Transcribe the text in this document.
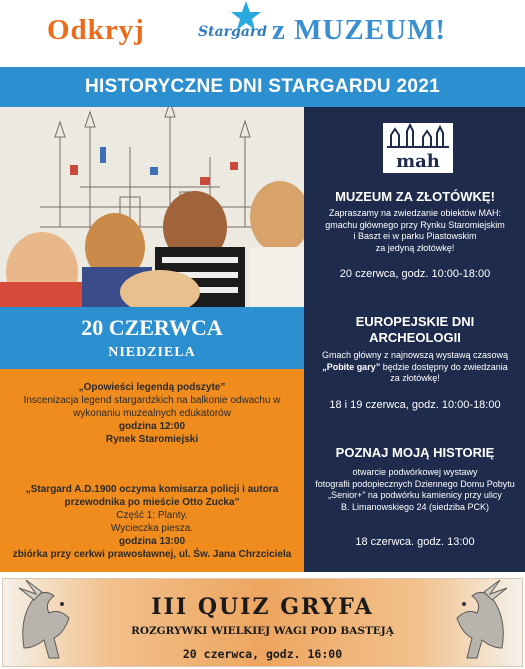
Odkryj	Stargard z MUZEUM!
HISTORYCZNE DNI STARGARDU 2021
20 CZERWCA
NIEDZIELA
„Opowieści legendą podszyte”
Inscenizacja legend stargardzkich na balkonie odwachu w
wykonaniu muzealnych edukatorów
godzina 12:00
Rynek Staromiejski
„Stargard A.D.1900 oczyma komisarza policji i autora
przewodnika po mieście Otto Zucka”
Część 1: Planty.
Wycieczka piesza.
godzina 13:00
zbiórka przy cerkwi prawosławnej, ul. Św. Jana Chrzciciela
mah
MUZEUM ZA ZŁOTÓWKĘ!
Zapraszamy na zwiedzanie obiektów MAH:
gmachu głównego przy Rynku Staromiejskim
i Baszt ei w parku Piastowskim
za jedyną złotówkę!
20 czerwca, godz. 10:00-18:00
EUROPEJSKIE DNI
ARCHEOLOGII
Gmach główny z najnowszą wystawą czasową
„Pobite gary” będzie dostępny do zwiedzania
za złotówkę!
18 i 19 czerwca, godz. 10:00-18:00
POZNAJ MOJĄ HISTORIĘ
otwarcie podwórkowej wystawy
fotografii podopiecznych Dziennego Domu Pobytu
„Senior+” na podwórku kamienicy przy ulicy
B. Limanowskiego 24 (siedziba PCK)
18 czerwca. godz. 13:00
III QUIZ GRYFA
ROZGRYWKI WIELKIEJ WAGI POD BASTEJĄ
20 czerwca, godz. 16:00
